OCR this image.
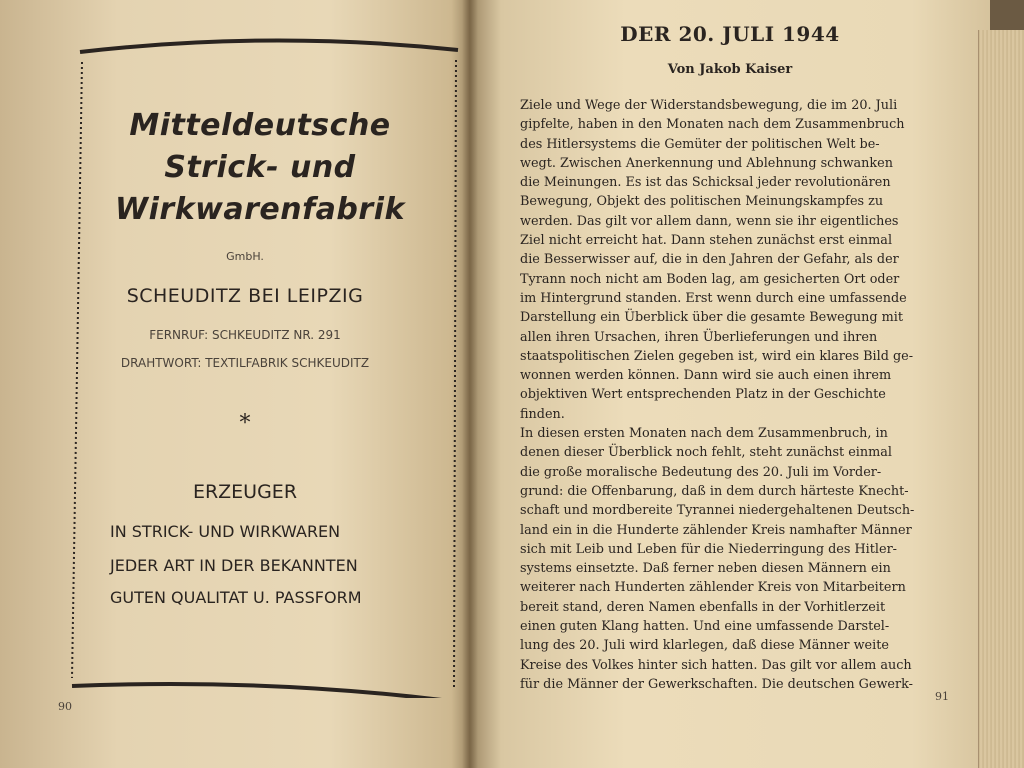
Mitteldeutsche
Strick- und
Wirkwarenfabrik
GmbH.
SCHEUDITZ BEI LEIPZIG
FERNRUF: SCHKEUDITZ NR. 291
DRAHTWORT: TEXTILFABRIK SCHKEUDITZ
*
ERZEUGER
IN STRICK- UND WIRKWAREN
JEDER ART IN DER BEKANNTEN
GUTEN QUALITAT U. PASSFORM
90
DER 20. JULI 1944
Von Jakob Kaiser
Ziele und Wege der Widerstandsbewegung, die im 20. Juli
gipfelte, haben in den Monaten nach dem Zusammenbruch
des Hitlersystems die Gemüter der politischen Welt be-
wegt. Zwischen Anerkennung und Ablehnung schwanken
die Meinungen. Es ist das Schicksal jeder revolutionären
Bewegung, Objekt des politischen Meinungskampfes zu
werden. Das gilt vor allem dann, wenn sie ihr eigentliches
Ziel nicht erreicht hat. Dann stehen zunächst erst einmal
die Besserwisser auf, die in den Jahren der Gefahr, als der
Tyrann noch nicht am Boden lag, am gesicherten Ort oder
im Hintergrund standen. Erst wenn durch eine umfassende
Darstellung ein Überblick über die gesamte Bewegung mit
allen ihren Ursachen, ihren Überlieferungen und ihren
staatspolitischen Zielen gegeben ist, wird ein klares Bild ge-
wonnen werden können. Dann wird sie auch einen ihrem
objektiven Wert entsprechenden Platz in der Geschichte
finden.
In diesen ersten Monaten nach dem Zusammenbruch, in
denen dieser Überblick noch fehlt, steht zunächst einmal
die große moralische Bedeutung des 20. Juli im Vorder-
grund: die Offenbarung, daß in dem durch härteste Knecht-
schaft und mordbereite Tyrannei niedergehaltenen Deutsch-
land ein in die Hunderte zählender Kreis namhafter Männer
sich mit Leib und Leben für die Niederringung des Hitler-
systems einsetzte. Daß ferner neben diesen Männern ein
weiterer nach Hunderten zählender Kreis von Mitarbeitern
bereit stand, deren Namen ebenfalls in der Vorhitlerzeit
einen guten Klang hatten. Und eine umfassende Darstel-
lung des 20. Juli wird klarlegen, daß diese Männer weite
Kreise des Volkes hinter sich hatten. Das gilt vor allem auch
für die Männer der Gewerkschaften. Die deutschen Gewerk-
91
